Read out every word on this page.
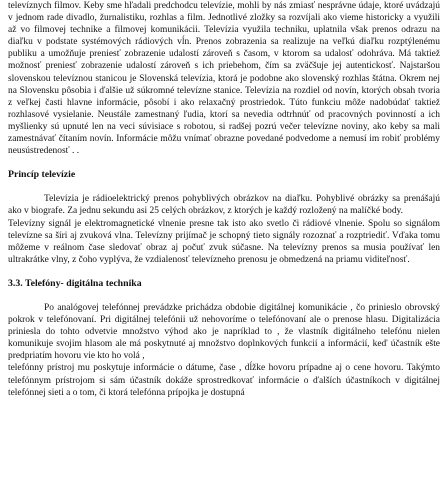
televíznych filmov. Keby sme hľadali predchodcu televízie, mohli by nás zmiasť nesprávne údaje, ktoré uvádzajú v jednom rade divadlo, žurnalistiku, rozhlas a film. Jednotlivé zložky sa rozvíjali ako vieme historicky a využili až vo filmovej technike a filmovej komunikácii. Televízia využila techniku, uplatnila však prenos odrazu na diaľku v podstate systémových rádiových vĺn. Prenos zobrazenia sa realizuje na veľkú diaľku rozptýlenému publiku a umožňuje preniesť zobrazenie udalostí zároveň s časom, v ktorom sa udalosť odohráva. Má taktiež možnosť preniesť zobrazenie udalostí zároveň s ich priebehom, čím sa zväčšuje jej autentickosť. Najstaršou slovenskou televíznou stanicou je Slovenská televízia, ktorá je podobne ako slovenský rozhlas štátna. Okrem nej na Slovensku pôsobia i ďalšie už súkromné televízne stanice. Televízia na rozdiel od novín, ktorých obsah tvoria z veľkej časti hlavne informácie, pôsobí i ako relaxačný prostriedok. Túto funkciu môže nadobúdať taktiež rozhlasové vysielanie. Neustále zamestnaný ľudia, ktorí sa nevedia odtrhnúť od pracovných povinností a ich myšlienky sú upnuté len na veci súvisiace s robotou, si radšej pozrú večer televízne noviny, ako keby sa mali zamestnávať čítaním novín. Informácie môžu vnímať obrazne povedané podvedome a nemusí im robiť problémy neusústredenosť . .

Princíp televízie

Televízia je rádioelektrický prenos pohyblivých obrázkov na diaľku. Pohyblivé obrázky sa prenášajú ako v biografe. Za jednu sekundu asi 25 celých obrázkov, z ktorých je každý rozložený na malíčké body.

Televízny signál je elektromagnetické vlnenie presne tak isto ako svetlo či rádiové vlnenie. Spolu so signálom televízne sa šíri aj zvuková vlna. Televízny prijímač je schopný tieto signály rozoznať a rozptriediť. Vďaka tomu môžeme v reálnom čase sledovať obraz aj počuť zvuk súčasne. Na televízny prenos sa musia používať len ultrakrátke vlny, z čoho vyplýva, že vzdialenosť televízneho prenosu je obmedzená na priamu viditeľnosť.

3.3. Telefóny- digitálna technika

Po analógovej telefónnej prevádzke prichádza obdobie digitálnej komunikácie , čo prinieslo obrovský pokrok v telefónovaní. Pri digitálnej telefónii už nehovoríme o telefónovaní ale o prenose hlasu. Digitalizácia priniesla do tohto odvetvie množstvo výhod ako je napríklad to , že vlastník digitálneho telefónu nielen komunikuje svojim hlasom ale má poskytnuté aj množstvo doplnkových funkcií a informácií, keď účastník ešte predpriatím hovoru vie kto ho volá ,

telefónny prístroj mu poskytuje informácie o dátume, čase , dĺžke hovoru prípadne aj o cene hovoru. Takýmto telefónnym prístrojom si sám účastník dokáže sprostredkovať informácie o ďalších účastníkoch v digitálnej telefónnej sieti a o tom, či ktorá telefónna prípojka je dostupná
